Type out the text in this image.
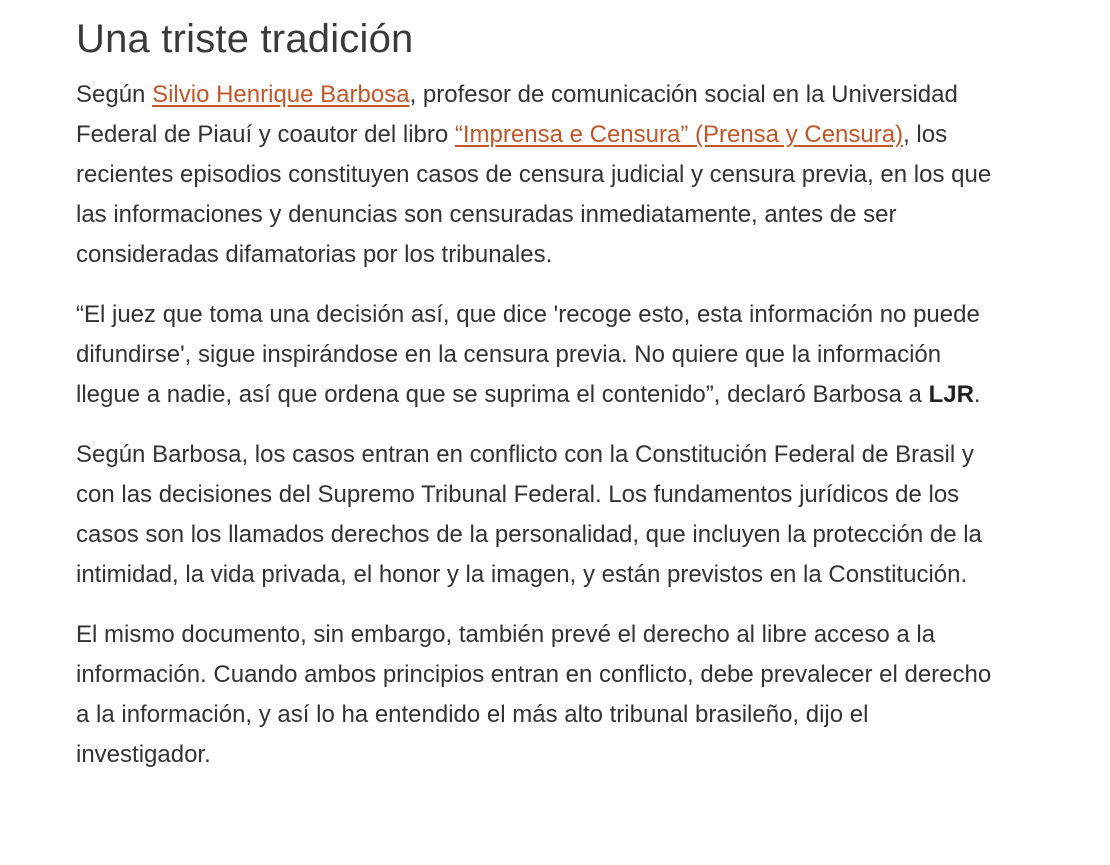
Una triste tradición

Según Silvio Henrique Barbosa, profesor de comunicación social en la Universidad Federal de Piauí y coautor del libro “Imprensa e Censura” (Prensa y Censura), los recientes episodios constituyen casos de censura judicial y censura previa, en los que las informaciones y denuncias son censuradas inmediatamente, antes de ser consideradas difamatorias por los tribunales.

“El juez que toma una decisión así, que dice 'recoge esto, esta información no puede difundirse', sigue inspirándose en la censura previa. No quiere que la información llegue a nadie, así que ordena que se suprima el contenido”, declaró Barbosa a LJR.

Según Barbosa, los casos entran en conflicto con la Constitución Federal de Brasil y con las decisiones del Supremo Tribunal Federal. Los fundamentos jurídicos de los casos son los llamados derechos de la personalidad, que incluyen la protección de la intimidad, la vida privada, el honor y la imagen, y están previstos en la Constitución.

El mismo documento, sin embargo, también prevé el derecho al libre acceso a la información. Cuando ambos principios entran en conflicto, debe prevalecer el derecho a la información, y así lo ha entendido el más alto tribunal brasileño, dijo el investigador.
